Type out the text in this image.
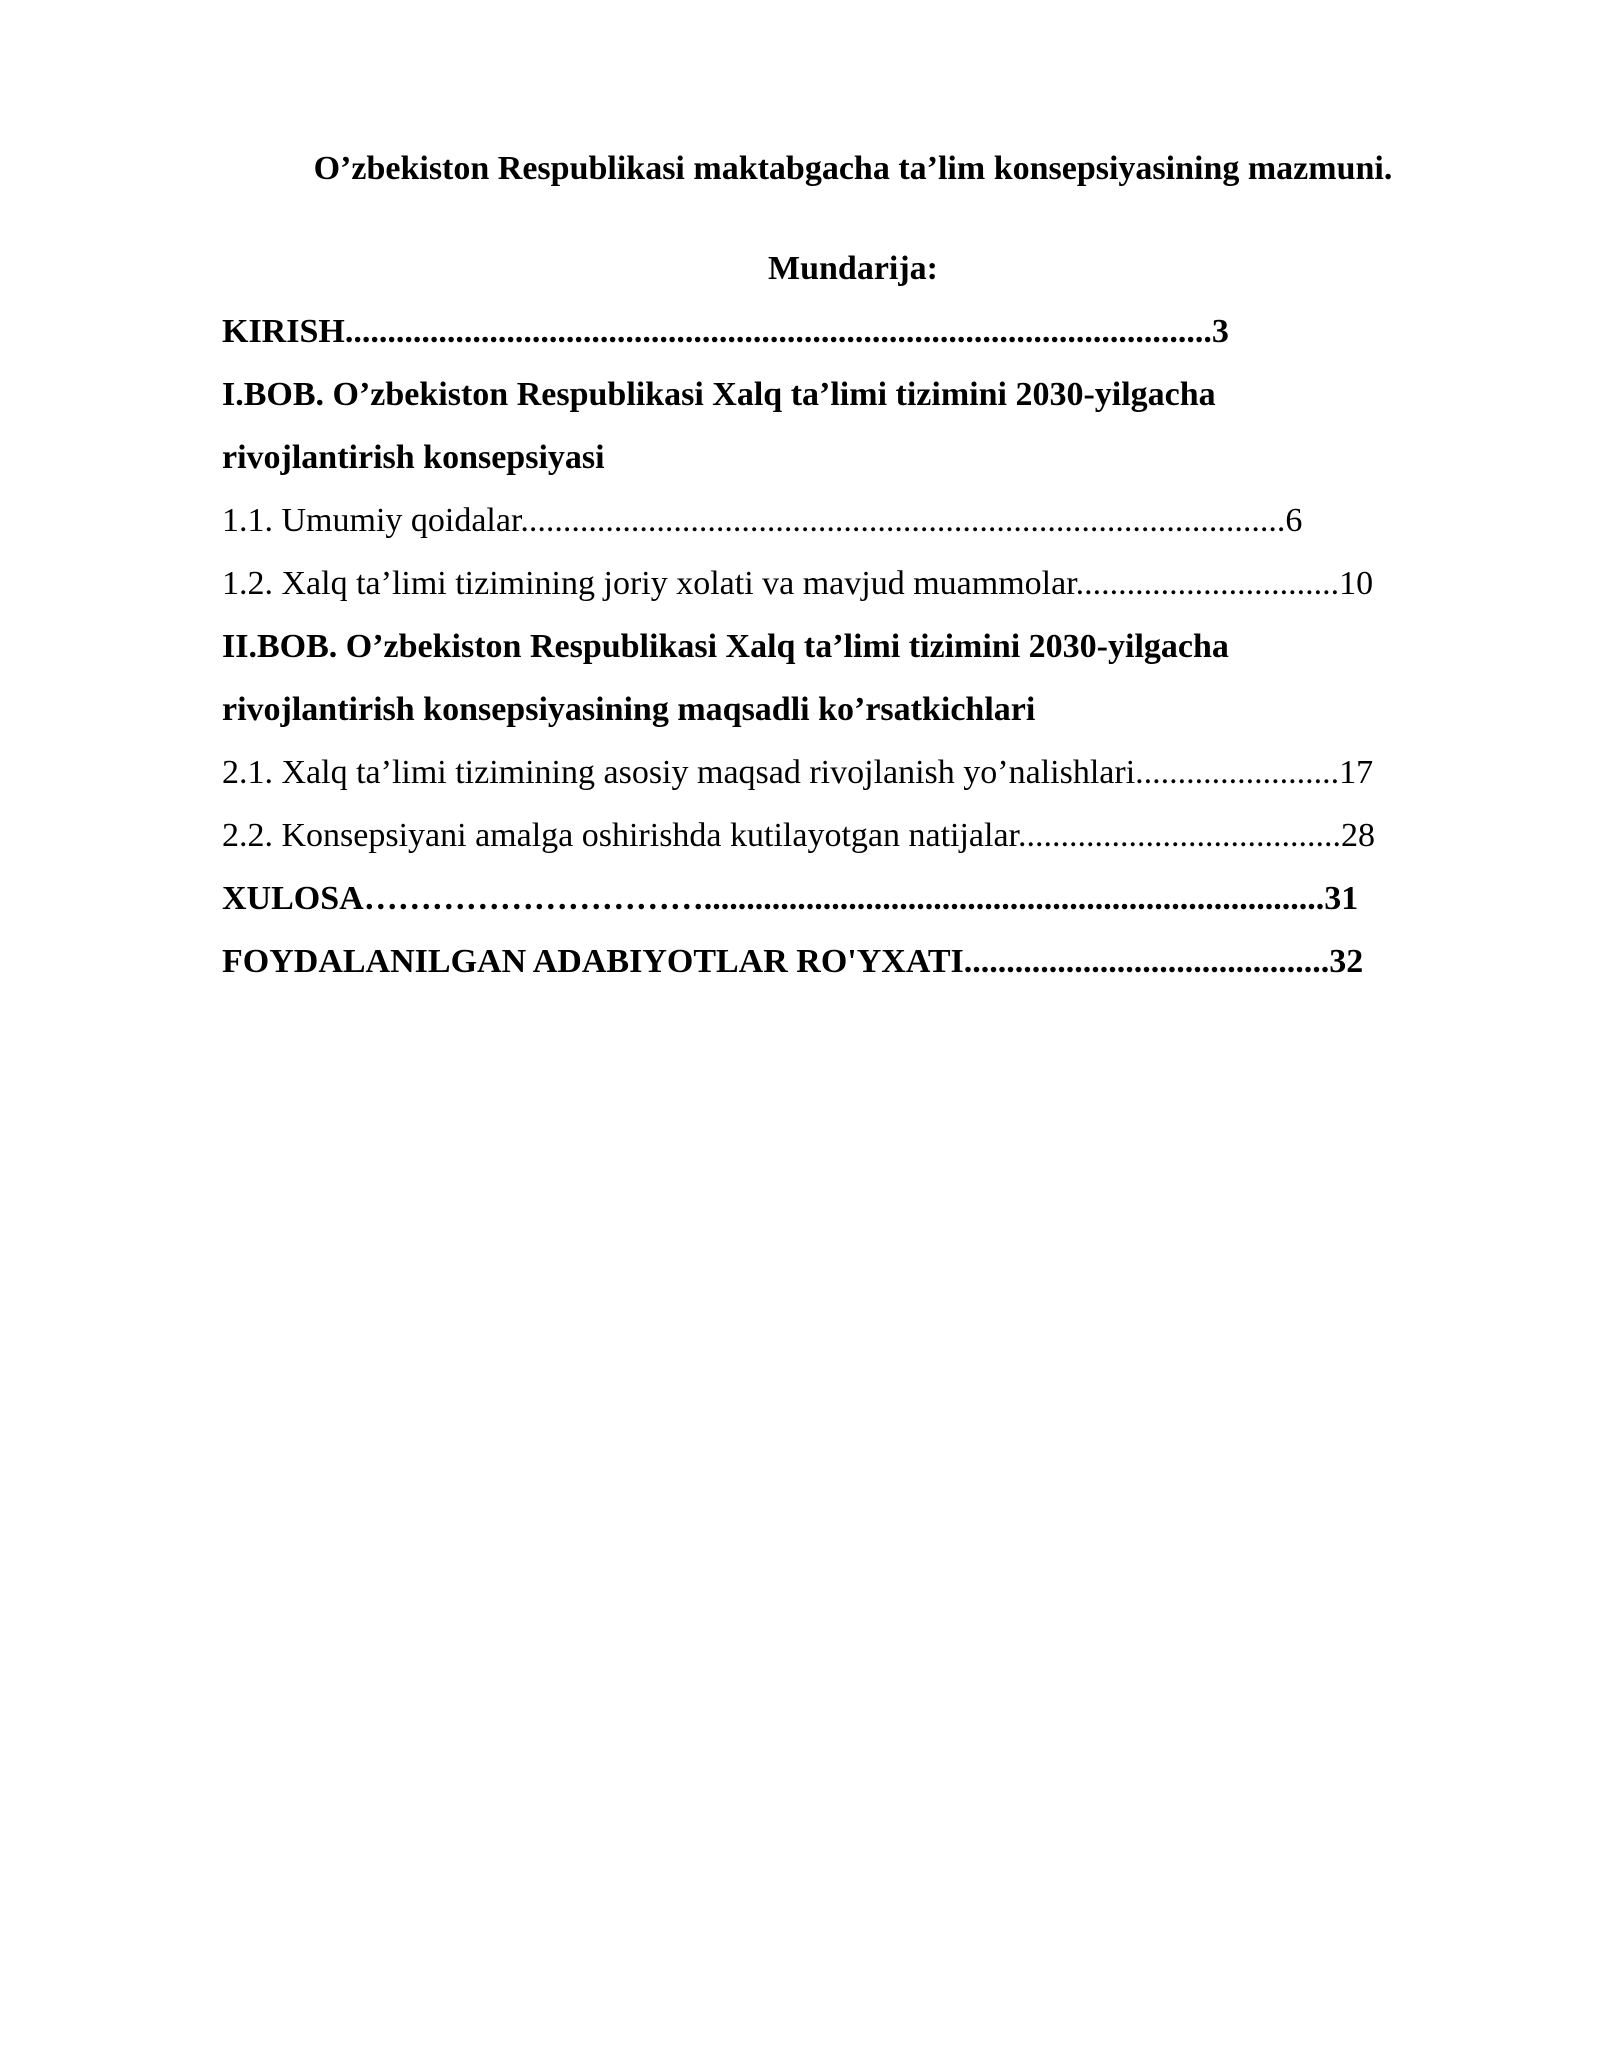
O’zbekiston Respublikasi maktabgacha ta’lim konsepsiyasining mazmuni.
Mundarija:
KIRISH......................................................................................................3
I.BOB. O’zbekiston Respublikasi Xalq ta’limi tizimini 2030-yilgacha
rivojlantirish konsepsiyasi
1.1. Umumiy qoidalar..........................................................................................6
1.2. Xalq ta’limi tizimining joriy xolati va mavjud muammolar...............................10
II.BOB. O’zbekiston Respublikasi Xalq ta’limi tizimini 2030-yilgacha
rivojlantirish konsepsiyasining maqsadli ko’rsatkichlari
2.1. Xalq ta’limi tizimining asosiy maqsad rivojlanish yo’nalishlari........................17
2.2. Konsepsiyani amalga oshirishda kutilayotgan natijalar......................................28
XULOSA………………………….........................................................................31
FOYDALANILGAN ADABIYOTLAR RO'YXATI...........................................32
